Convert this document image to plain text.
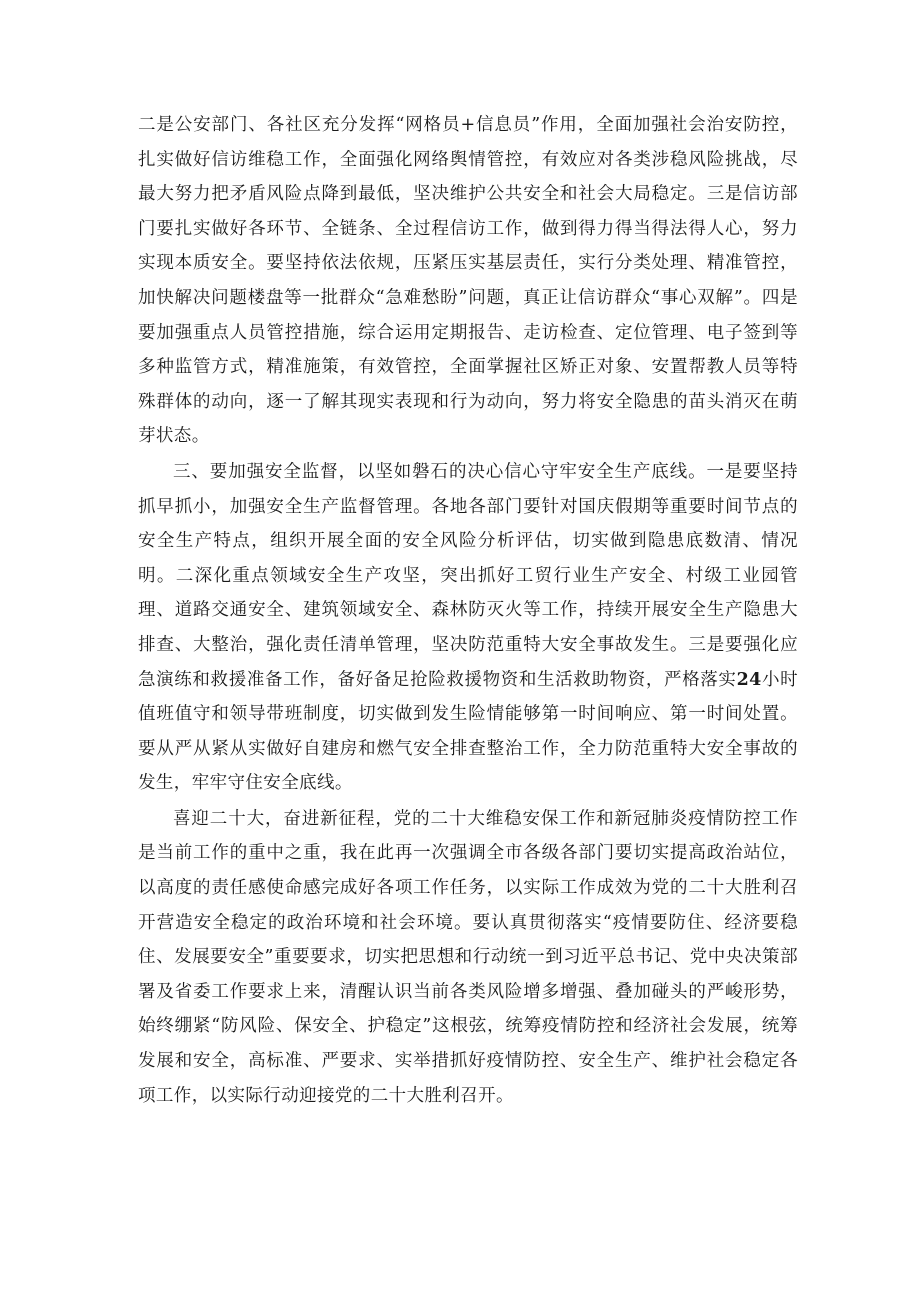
二是公安部门、各社区充分发挥“网格员+信息员”作用，全面加强社会治安防控，扎实做好信访维稳工作，全面强化网络舆情管控，有效应对各类涉稳风险挑战，尽最大努力把矛盾风险点降到最低，坚决维护公共安全和社会大局稳定。三是信访部门要扎实做好各环节、全链条、全过程信访工作，做到得力得当得法得人心，努力实现本质安全。要坚持依法依规，压紧压实基层责任，实行分类处理、精准管控，加快解决问题楼盘等一批群众“急难愁盼”问题，真正让信访群众“事心双解”。四是要加强重点人员管控措施，综合运用定期报告、走访检查、定位管理、电子签到等多种监管方式，精准施策，有效管控，全面掌握社区矫正对象、安置帮教人员等特殊群体的动向，逐一了解其现实表现和行为动向，努力将安全隐患的苗头消灭在萌芽状态。

三、要加强安全监督，以坚如磐石的决心信心守牢安全生产底线。一是要坚持抓早抓小，加强安全生产监督管理。各地各部门要针对国庆假期等重要时间节点的安全生产特点，组织开展全面的安全风险分析评估，切实做到隐患底数清、情况明。二深化重点领域安全生产攻坚，突出抓好工贸行业生产安全、村级工业园管理、道路交通安全、建筑领域安全、森林防灭火等工作，持续开展安全生产隐患大排查、大整治，强化责任清单管理，坚决防范重特大安全事故发生。三是要强化应急演练和救援准备工作，备好备足抢险救援物资和生活救助物资，严格落实24小时值班值守和领导带班制度，切实做到发生险情能够第一时间响应、第一时间处置。要从严从紧从实做好自建房和燃气安全排查整治工作，全力防范重特大安全事故的发生，牢牢守住安全底线。

喜迎二十大，奋进新征程，党的二十大维稳安保工作和新冠肺炎疫情防控工作是当前工作的重中之重，我在此再一次强调全市各级各部门要切实提高政治站位，以高度的责任感使命感完成好各项工作任务，以实际工作成效为党的二十大胜利召开营造安全稳定的政治环境和社会环境。要认真贯彻落实“疫情要防住、经济要稳住、发展要安全”重要要求，切实把思想和行动统一到习近平总书记、党中央决策部署及省委工作要求上来，清醒认识当前各类风险增多增强、叠加碰头的严峻形势，始终绷紧“防风险、保安全、护稳定”这根弦，统筹疫情防控和经济社会发展，统筹发展和安全，高标准、严要求、实举措抓好疫情防控、安全生产、维护社会稳定各项工作，以实际行动迎接党的二十大胜利召开。
